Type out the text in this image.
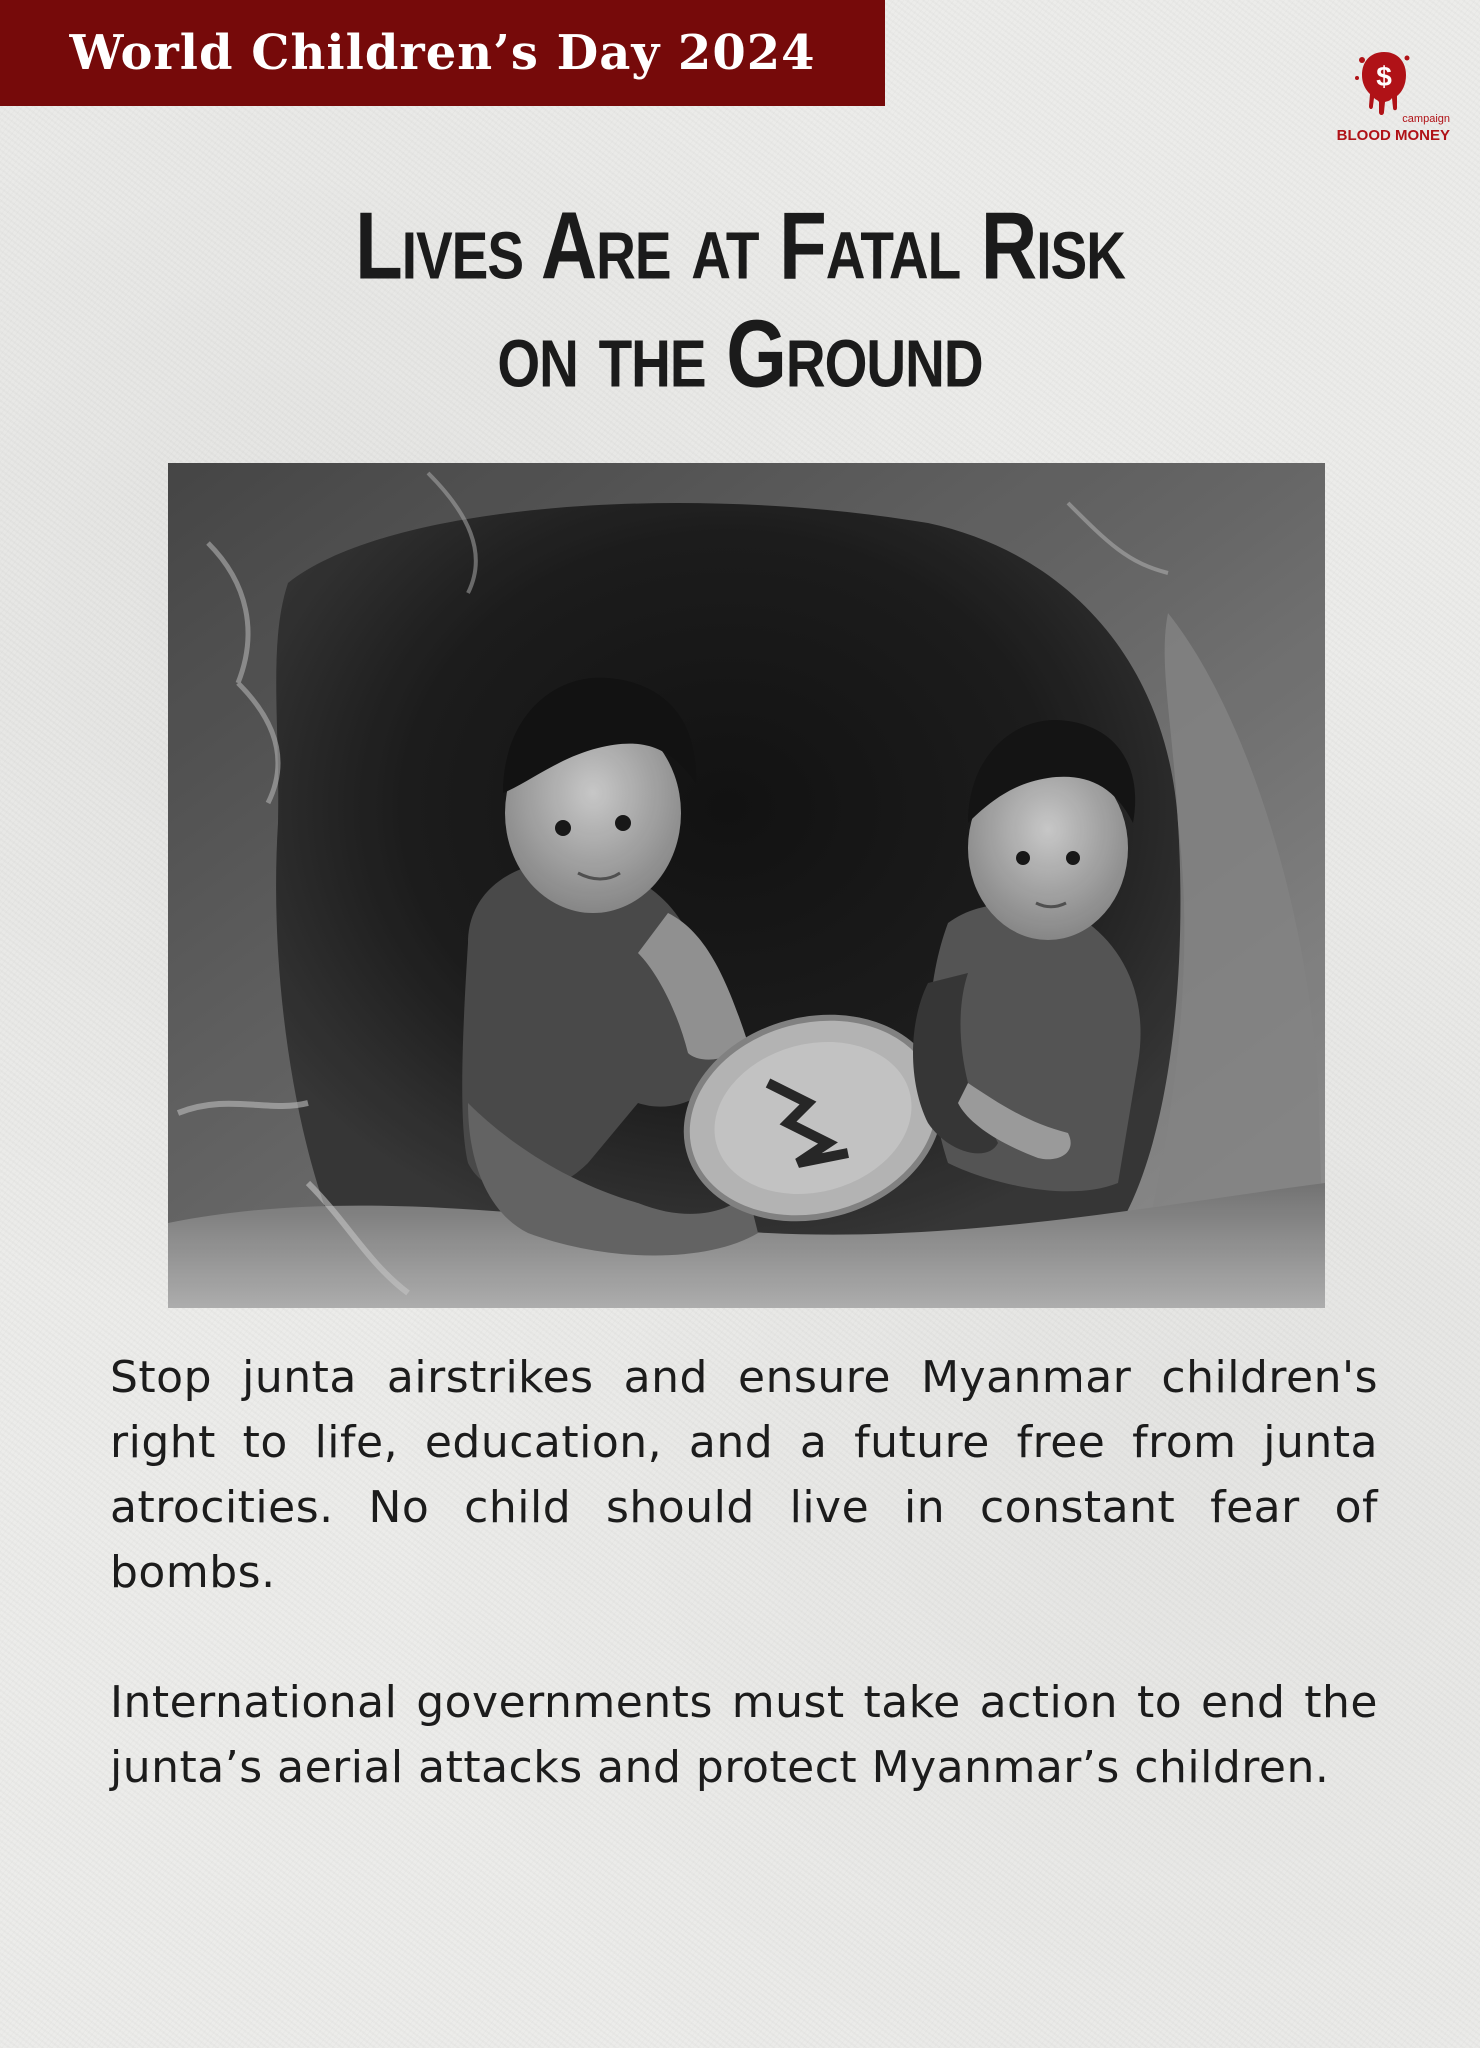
World Children’s Day 2024	$
campaign
BLOOD MONEY
Lives Are at Fatal Risk
on the Ground

Stop junta airstrikes and ensure Myanmar children's right to life, education, and a future free from junta atrocities. No child should live in constant fear of bombs.

International governments must take action to end the junta’s aerial attacks and protect Myanmar’s children.
